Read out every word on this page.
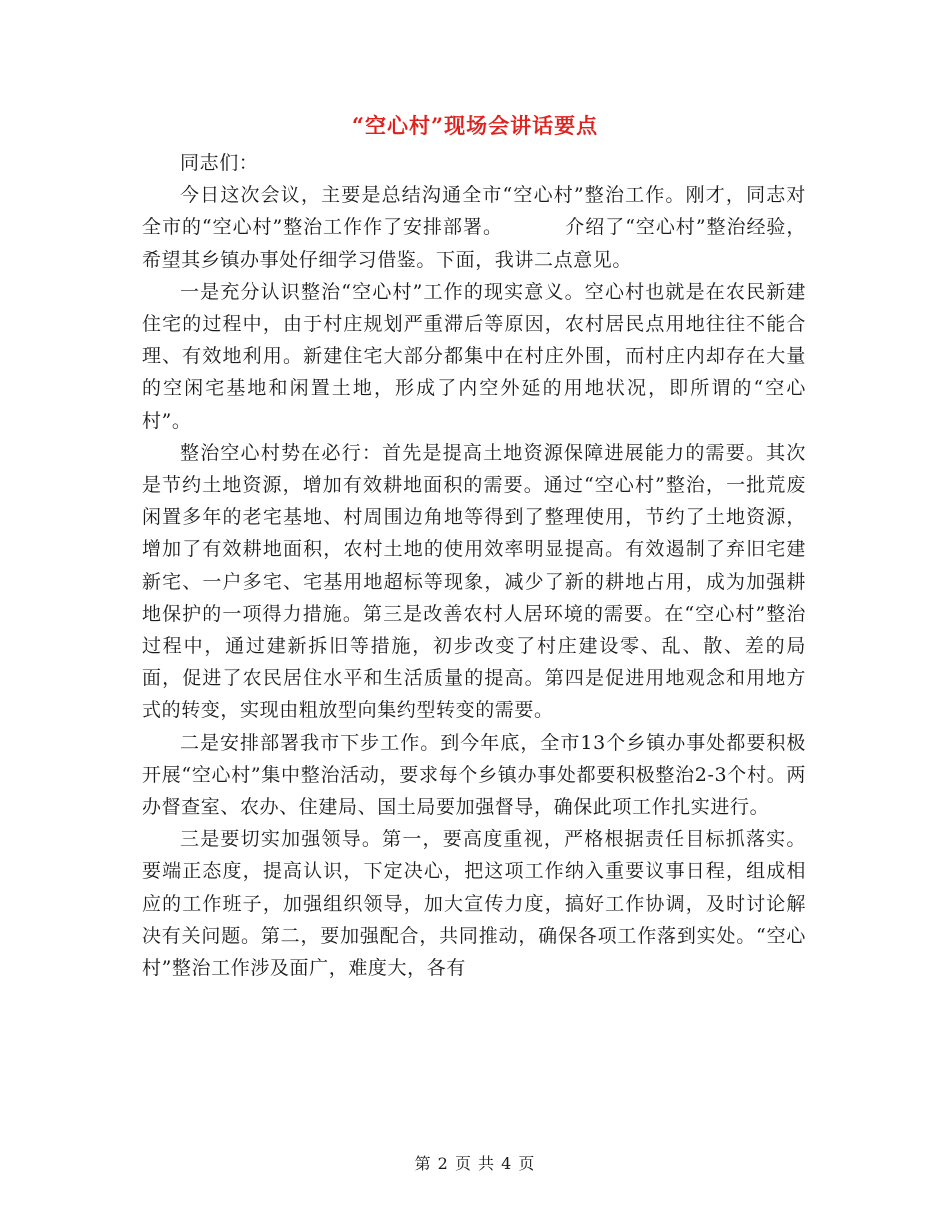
“空心村”现场会讲话要点

同志们：

今日这次会议，主要是总结沟通全市“空心村”整治工作。刚才，同志对全市的“空心村”整治工作作了安排部署。	介绍了“空心村”整治经验，希望其乡镇办事处仔细学习借鉴。下面，我讲二点意见。

一是充分认识整治“空心村”工作的现实意义。空心村也就是在农民新建住宅的过程中，由于村庄规划严重滞后等原因，农村居民点用地往往不能合理、有效地利用。新建住宅大部分都集中在村庄外围，而村庄内却存在大量的空闲宅基地和闲置土地，形成了内空外延的用地状况，即所谓的“空心村”。

整治空心村势在必行：首先是提高土地资源保障进展能力的需要。其次是节约土地资源，增加有效耕地面积的需要。通过“空心村”整治，一批荒废闲置多年的老宅基地、村周围边角地等得到了整理使用，节约了土地资源，增加了有效耕地面积，农村土地的使用效率明显提高。有效遏制了弃旧宅建新宅、一户多宅、宅基用地超标等现象，减少了新的耕地占用，成为加强耕地保护的一项得力措施。第三是改善农村人居环境的需要。在“空心村”整治过程中，通过建新拆旧等措施，初步改变了村庄建设零、乱、散、差的局面，促进了农民居住水平和生活质量的提高。第四是促进用地观念和用地方式的转变，实现由粗放型向集约型转变的需要。

二是安排部署我市下步工作。到今年底，全市13个乡镇办事处都要积极开展“空心村”集中整治活动，要求每个乡镇办事处都要积极整治2-3个村。两办督查室、农办、住建局、国土局要加强督导，确保此项工作扎实进行。

三是要切实加强领导。第一，要高度重视，严格根据责任目标抓落实。要端正态度，提高认识，下定决心，把这项工作纳入重要议事日程，组成相应的工作班子，加强组织领导，加大宣传力度，搞好工作协调，及时讨论解决有关问题。第二，要加强配合，共同推动，确保各项工作落到实处。“空心村”整治工作涉及面广，难度大，各有

第 2 页 共 4 页
